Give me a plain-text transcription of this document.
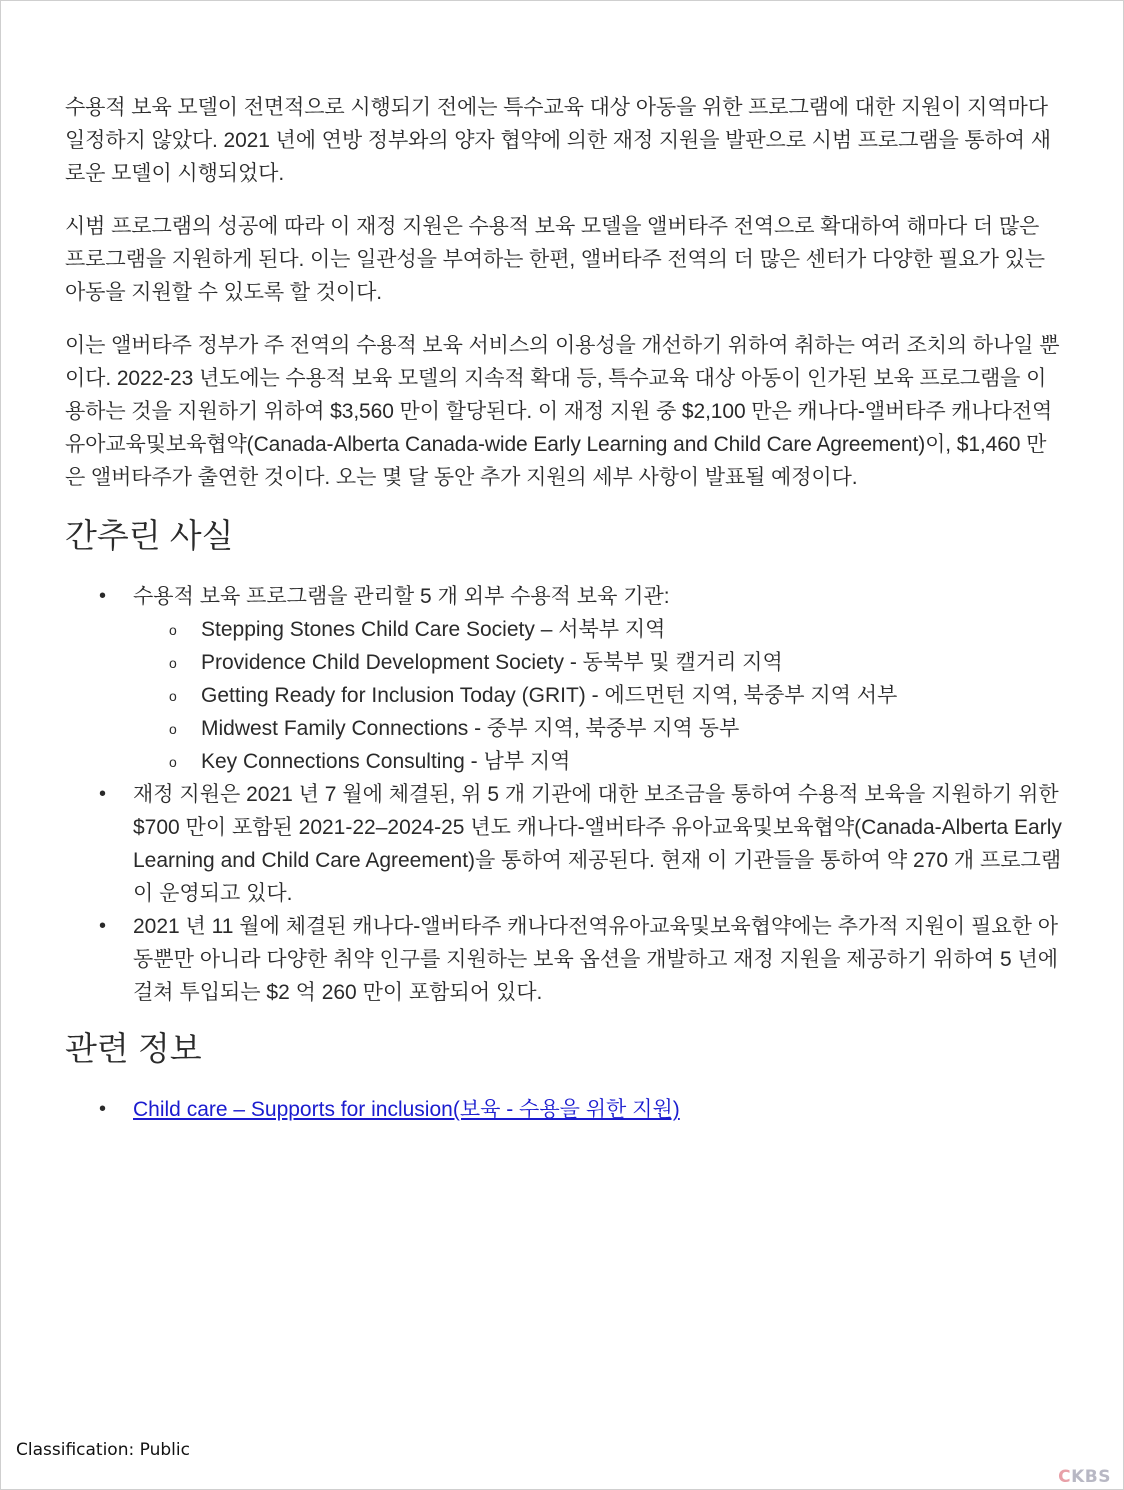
수용적 보육 모델이 전면적으로 시행되기 전에는 특수교육 대상 아동을 위한 프로그램에 대한 지원이 지역마다 일정하지 않았다. 2021 년에 연방 정부와의 양자 협약에 의한 재정 지원을 발판으로 시범 프로그램을 통하여 새로운 모델이 시행되었다.

시범 프로그램의 성공에 따라 이 재정 지원은 수용적 보육 모델을 앨버타주 전역으로 확대하여 해마다 더 많은 프로그램을 지원하게 된다. 이는 일관성을 부여하는 한편, 앨버타주 전역의 더 많은 센터가 다양한 필요가 있는 아동을 지원할 수 있도록 할 것이다.

이는 앨버타주 정부가 주 전역의 수용적 보육 서비스의 이용성을 개선하기 위하여 취하는 여러 조치의 하나일 뿐이다. 2022-23 년도에는 수용적 보육 모델의 지속적 확대 등, 특수교육 대상 아동이 인가된 보육 프로그램을 이용하는 것을 지원하기 위하여 $3,560 만이 할당된다. 이 재정 지원 중 $2,100 만은 캐나다-앨버타주 캐나다전역유아교육및보육협약(Canada-Alberta Canada-wide Early Learning and Child Care Agreement)이, $1,460 만은 앨버타주가 출연한 것이다. 오는 몇 달 동안 추가 지원의 세부 사항이 발표될 예정이다.

간추린 사실
• 수용적 보육 프로그램을 관리할 5 개 외부 수용적 보육 기관:
o Stepping Stones Child Care Society – 서북부 지역
o Providence Child Development Society - 동북부 및 캘거리 지역
o Getting Ready for Inclusion Today (GRIT) - 에드먼턴 지역, 북중부 지역 서부
o Midwest Family Connections - 중부 지역, 북중부 지역 동부
o Key Connections Consulting - 남부 지역
• 재정 지원은 2021 년 7 월에 체결된, 위 5 개 기관에 대한 보조금을 통하여 수용적 보육을 지원하기 위한 $700 만이 포함된 2021-22–2024-25 년도 캐나다-앨버타주 유아교육및보육협약(Canada-Alberta Early Learning and Child Care Agreement)을 통하여 제공된다. 현재 이 기관들을 통하여 약 270 개 프로그램이 운영되고 있다.
• 2021 년 11 월에 체결된 캐나다-앨버타주 캐나다전역유아교육및보육협약에는 추가적 지원이 필요한 아동뿐만 아니라 다양한 취약 인구를 지원하는 보육 옵션을 개발하고 재정 지원을 제공하기 위하여 5 년에 걸쳐 투입되는 $2 억 260 만이 포함되어 있다.
관련 정보
• Child care – Supports for inclusion(보육 - 수용을 위한 지원)
Classification: Public
CKBS
